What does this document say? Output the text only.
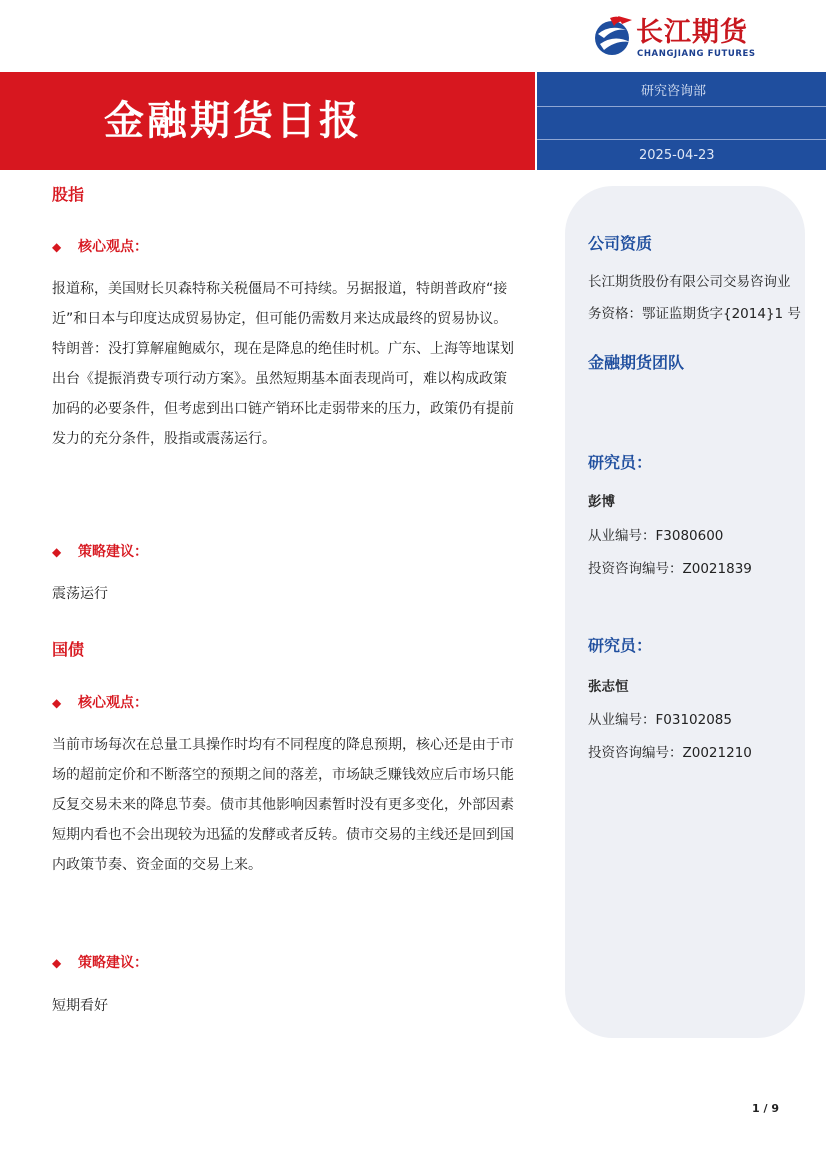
长江期货
CHANGJIANG FUTURES
金融期货日报
研究咨询部
2025-04-23
股指
◆ 核心观点：
报道称，美国财长贝森特称关税僵局不可持续。另据报道，特朗普政府“接
近”和日本与印度达成贸易协定，但可能仍需数月来达成最终的贸易协议。
特朗普：没打算解雇鲍威尔，现在是降息的绝佳时机。广东、上海等地谋划
出台《提振消费专项行动方案》。虽然短期基本面表现尚可，难以构成政策
加码的必要条件，但考虑到出口链产销环比走弱带来的压力，政策仍有提前
发力的充分条件，股指或震荡运行。
◆ 策略建议：
震荡运行
国债
◆ 核心观点：
当前市场每次在总量工具操作时均有不同程度的降息预期，核心还是由于市
场的超前定价和不断落空的预期之间的落差，市场缺乏赚钱效应后市场只能
反复交易未来的降息节奏。债市其他影响因素暂时没有更多变化，外部因素
短期内看也不会出现较为迅猛的发酵或者反转。债市交易的主线还是回到国
内政策节奏、资金面的交易上来。
◆ 策略建议：
短期看好
公司资质
长江期货股份有限公司交易咨询业
务资格：鄂证监期货字{2014}1 号
金融期货团队
研究员：
彭博
从业编号：F3080600
投资咨询编号：Z0021839
研究员：
张志恒
从业编号：F03102085
投资咨询编号：Z0021210
1 / 9
